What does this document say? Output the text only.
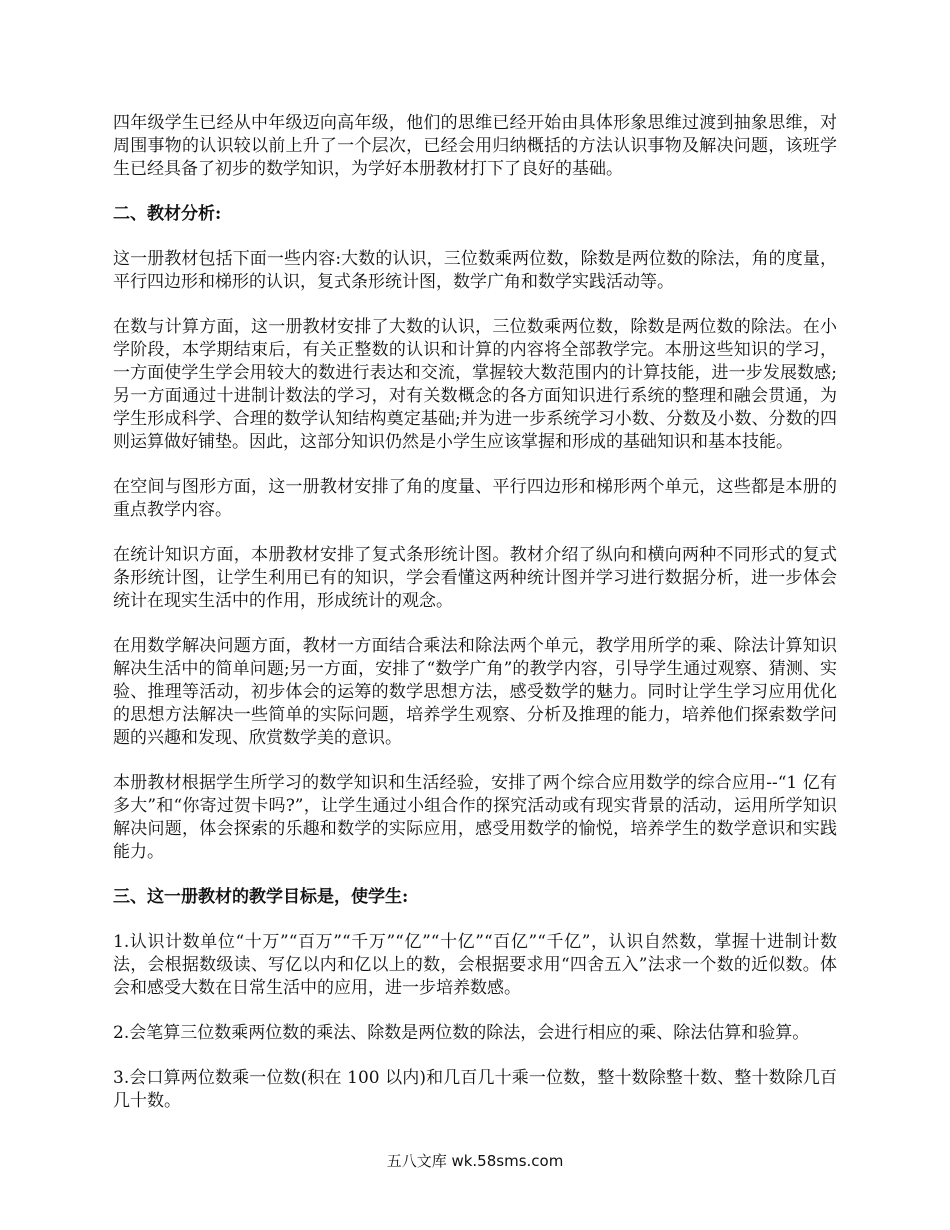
四年级学生已经从中年级迈向高年级，他们的思维已经开始由具体形象思维过渡到抽象思维，对周围事物的认识较以前上升了一个层次，已经会用归纳概括的方法认识事物及解决问题，该班学生已经具备了初步的数学知识，为学好本册教材打下了良好的基础。

二、教材分析:

这一册教材包括下面一些内容:大数的认识，三位数乘两位数，除数是两位数的除法，角的度量，平行四边形和梯形的认识，复式条形统计图，数学广角和数学实践活动等。

在数与计算方面，这一册教材安排了大数的认识，三位数乘两位数，除数是两位数的除法。在小学阶段，本学期结束后，有关正整数的认识和计算的内容将全部教学完。本册这些知识的学习，一方面使学生学会用较大的数进行表达和交流，掌握较大数范围内的计算技能，进一步发展数感;另一方面通过十进制计数法的学习，对有关数概念的各方面知识进行系统的整理和融会贯通，为学生形成科学、合理的数学认知结构奠定基础;并为进一步系统学习小数、分数及小数、分数的四则运算做好铺垫。因此，这部分知识仍然是小学生应该掌握和形成的基础知识和基本技能。

在空间与图形方面，这一册教材安排了角的度量、平行四边形和梯形两个单元，这些都是本册的重点教学内容。

在统计知识方面，本册教材安排了复式条形统计图。教材介绍了纵向和横向两种不同形式的复式条形统计图，让学生利用已有的知识，学会看懂这两种统计图并学习进行数据分析，进一步体会统计在现实生活中的作用，形成统计的观念。

在用数学解决问题方面，教材一方面结合乘法和除法两个单元，教学用所学的乘、除法计算知识解决生活中的简单问题;另一方面，安排了“数学广角”的教学内容，引导学生通过观察、猜测、实验、推理等活动，初步体会的运筹的数学思想方法，感受数学的魅力。同时让学生学习应用优化的思想方法解决一些简单的实际问题，培养学生观察、分析及推理的能力，培养他们探索数学问题的兴趣和发现、欣赏数学美的意识。

本册教材根据学生所学习的数学知识和生活经验，安排了两个综合应用数学的综合应用--“1 亿有多大”和“你寄过贺卡吗?”，让学生通过小组合作的探究活动或有现实背景的活动，运用所学知识解决问题，体会探索的乐趣和数学的实际应用，感受用数学的愉悦，培养学生的数学意识和实践能力。

三、这一册教材的教学目标是，使学生:

1.认识计数单位“十万”“百万”“千万”“亿”“十亿”“百亿”“千亿”，认识自然数，掌握十进制计数法，会根据数级读、写亿以内和亿以上的数，会根据要求用“四舍五入”法求一个数的近似数。体会和感受大数在日常生活中的应用，进一步培养数感。

2.会笔算三位数乘两位数的乘法、除数是两位数的除法，会进行相应的乘、除法估算和验算。

3.会口算两位数乘一位数(积在 100 以内)和几百几十乘一位数，整十数除整十数、整十数除几百几十数。

五八文库 wk.58sms.com
